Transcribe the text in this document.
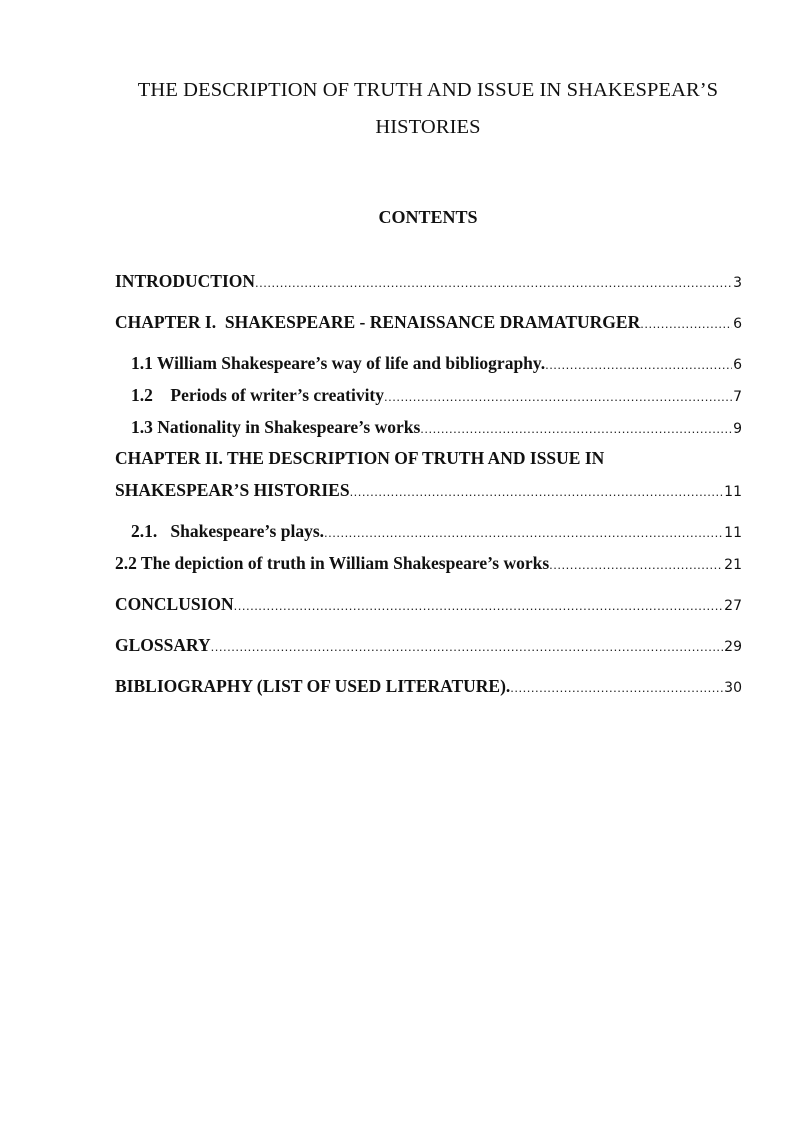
THE DESCRIPTION OF TRUTH AND ISSUE IN SHAKESPEAR’S HISTORIES
CONTENTS
INTRODUCTION .....	3
CHAPTER I.  SHAKESPEARE - RENAISSANCE DRAMATURGER .....	6
1.1 William Shakespeare’s way of life and bibliography. .....	6
1.2    Periods of writer’s creativity .....	7
1.3 Nationality in Shakespeare’s works .....	9
CHAPTER II. THE DESCRIPTION OF TRUTH AND ISSUE IN
SHAKESPEAR’S HISTORIES .....	11
2.1.   Shakespeare’s plays. .....	11
2.2 The depiction of truth in William Shakespeare’s works .....	21
CONCLUSION .....	27
GLOSSARY .....	29
BIBLIOGRAPHY (LIST OF USED LITERATURE). .....	30
